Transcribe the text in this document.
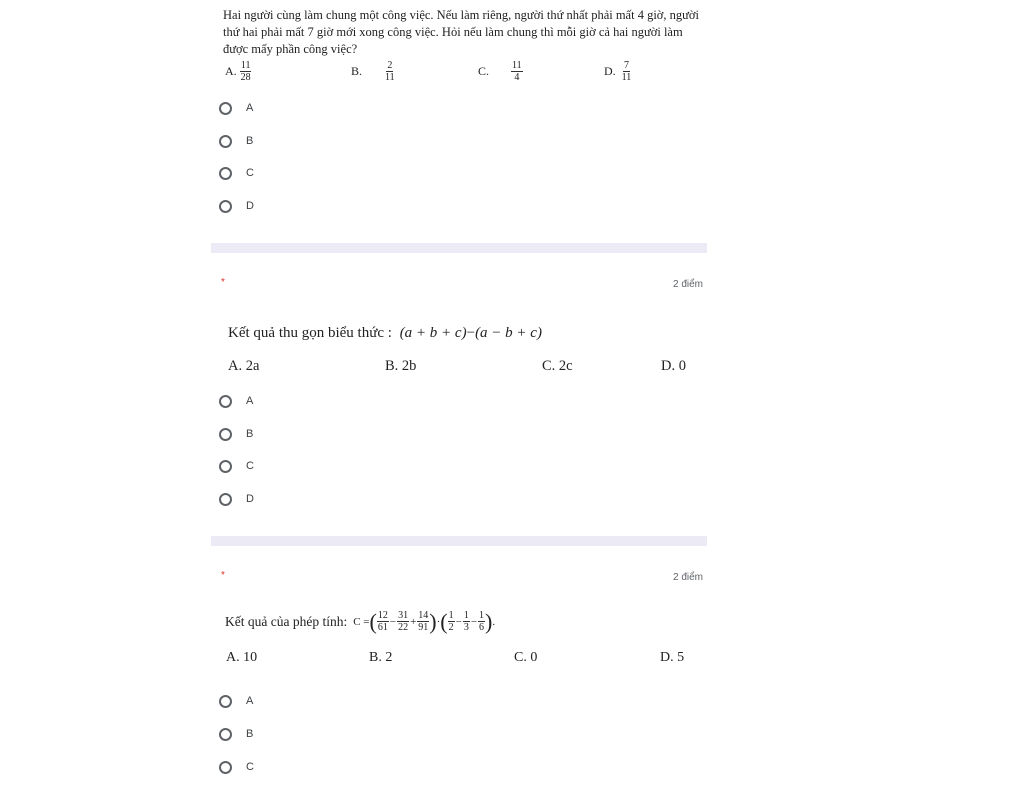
Hai người cùng làm chung một công việc. Nếu làm riêng, người thứ nhất phải mất 4 giờ, người
thứ hai phải mất 7 giờ mới xong công việc. Hỏi nếu làm chung thì mỗi giờ cả hai người làm
được mấy phần công việc?
A. $\frac{11}{28}$	B. $\frac{2}{11}$	C. $\frac{11}{4}$	D. $\frac{7}{11}$
A
B
C
D
*	2 điểm
Kết quả thu gọn biểu thức : (a + b + c)−(a − b + c)
A. 2a	B. 2b	C. 2c	D. 0
A
B
C
D
*	2 điểm
Kết quả của phép tính: C = ( $\frac{12}{61} - \frac{31}{22} + \frac{14}{91}$ ) · ( $\frac{1}{2} - \frac{1}{3} - \frac{1}{6}$ ) .
A. 10	B. 2	C. 0	D. 5
A
B
C
